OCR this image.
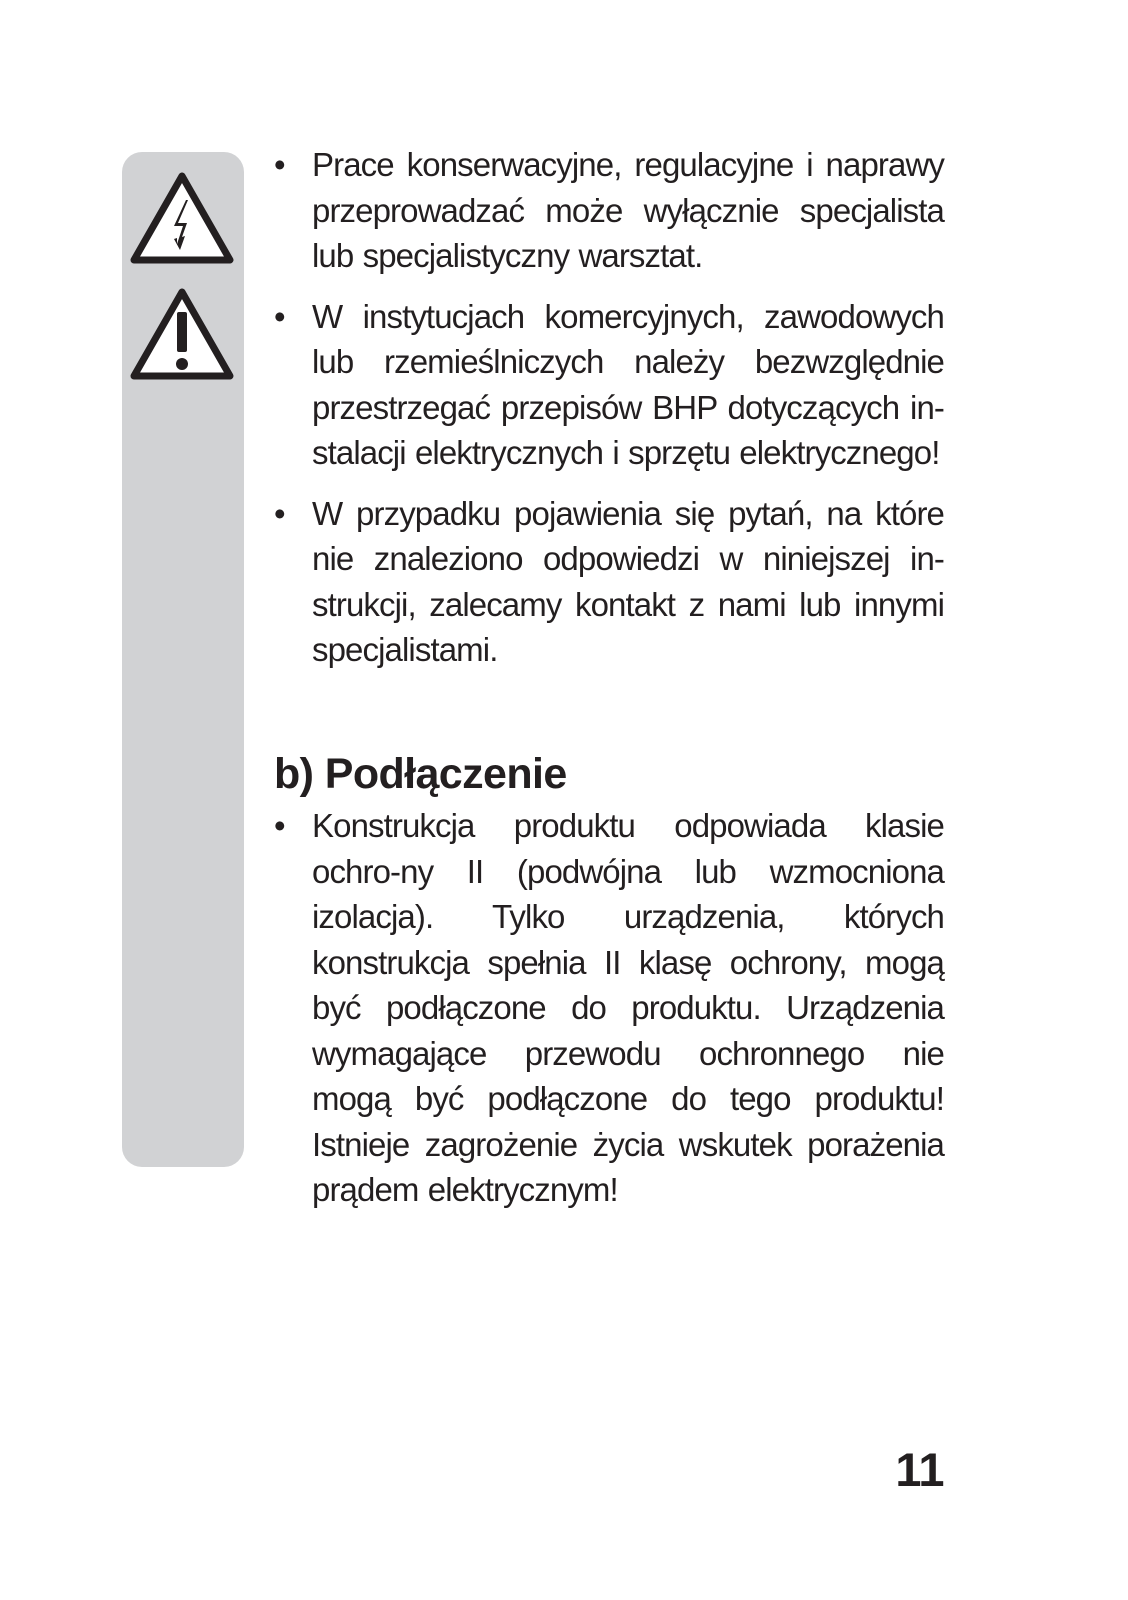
• Prace konserwacyjne, regulacyjne i naprawy przeprowadzać może wyłącznie specjalista lub specjalistyczny warsztat.
• W instytucjach komercyjnych, zawodowych lub rzemieślniczych należy bezwzględnie przestrzegać przepisów BHP dotyczących in-stalacji elektrycznych i sprzętu elektrycznego!
• W przypadku pojawienia się pytań, na które nie znaleziono odpowiedzi w niniejszej in-strukcji, zalecamy kontakt z nami lub innymi specjalistami.
b) Podłączenie
• Konstrukcja produktu odpowiada klasie ochro-ny II (podwójna lub wzmocniona izolacja). Tylko urządzenia, których konstrukcja spełnia II klasę ochrony, mogą być podłączone do produktu. Urządzenia wymagające przewodu ochronnego nie mogą być podłączone do tego produktu! Istnieje zagrożenie życia wskutek porażenia prądem elektrycznym!
11
